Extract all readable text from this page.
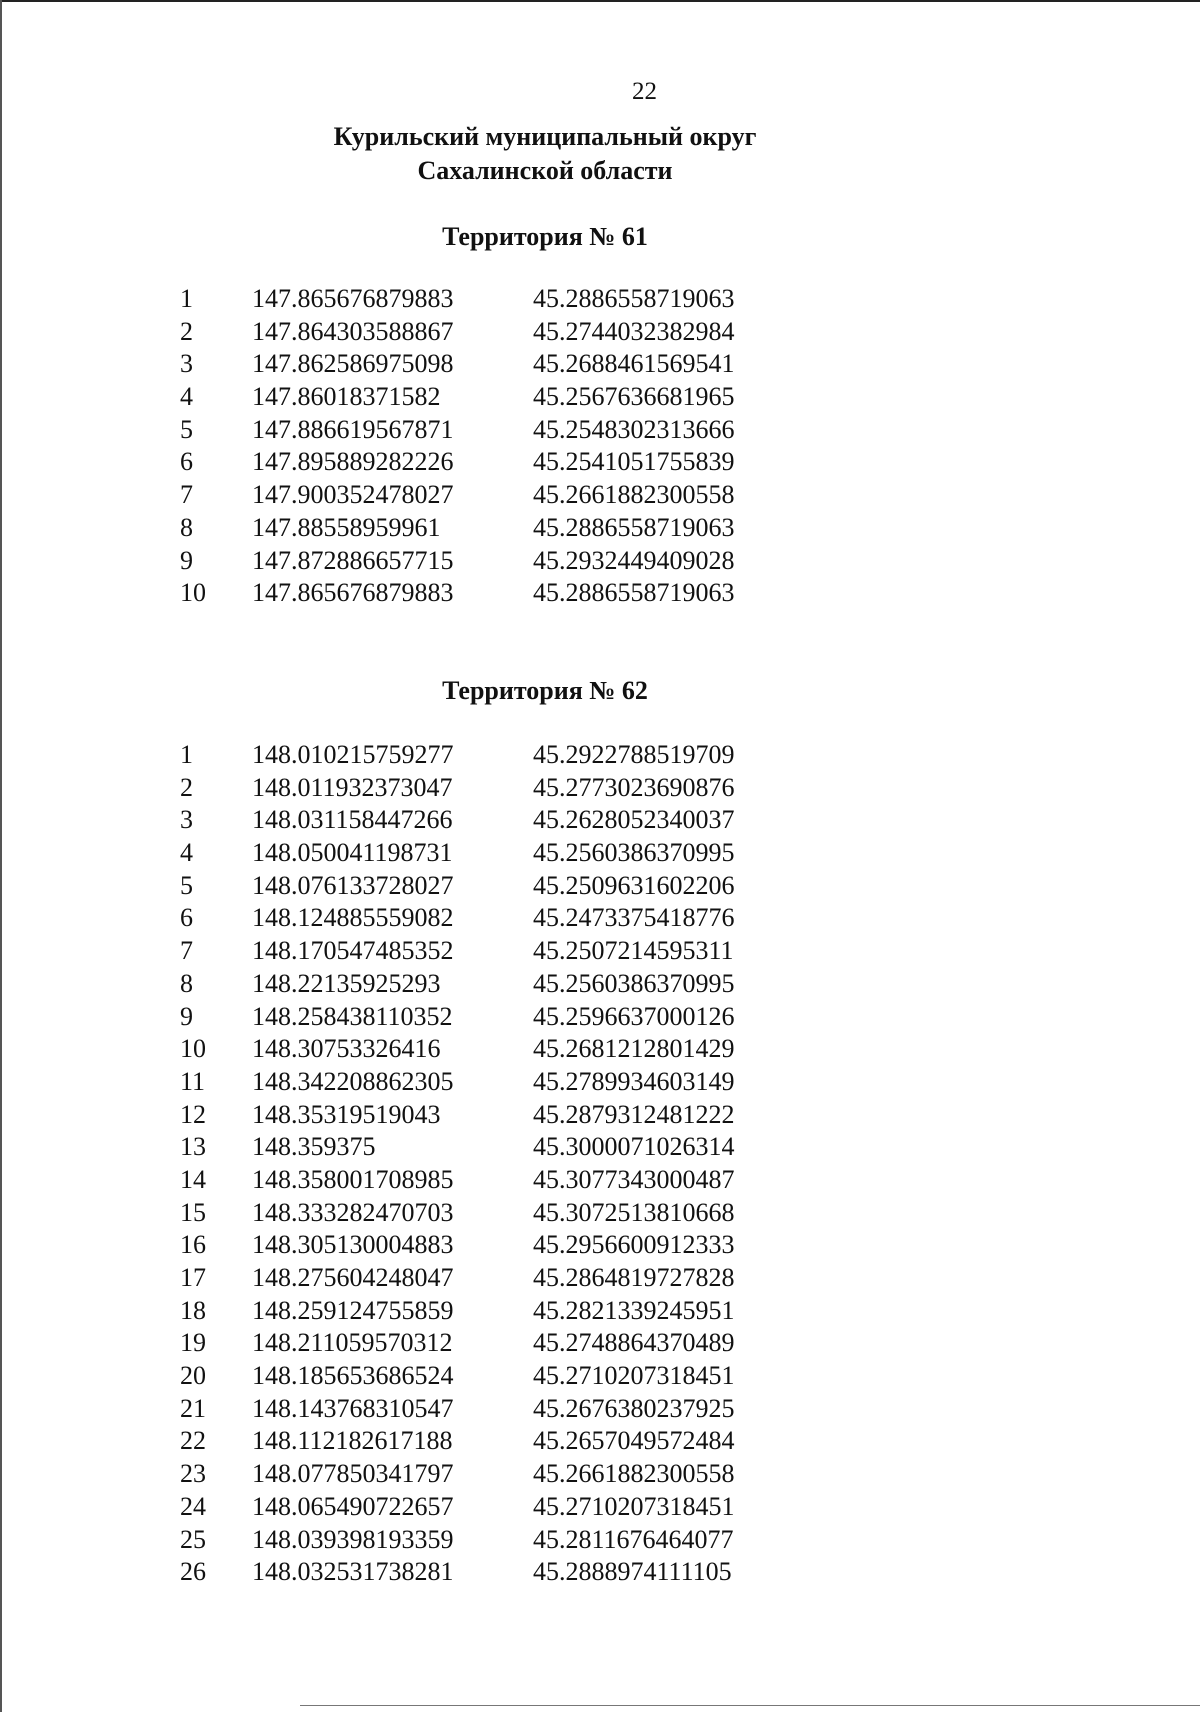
22
Курильский муниципальный округ
Сахалинской области
Территория № 61
1 147.865676879883	45.2886558719063
2 147.864303588867	45.2744032382984
3 147.862586975098	45.2688461569541
4 147.86018371582	45.2567636681965
5 147.886619567871	45.2548302313666
6 147.895889282226	45.2541051755839
7 147.900352478027	45.2661882300558
8 147.88558959961	45.2886558719063
9 147.872886657715	45.2932449409028
10 147.865676879883	45.2886558719063
Территория № 62
1 148.010215759277	45.2922788519709
2 148.011932373047	45.2773023690876
3 148.031158447266	45.2628052340037
4 148.050041198731	45.2560386370995
5 148.076133728027	45.2509631602206
6 148.124885559082	45.2473375418776
7 148.170547485352	45.2507214595311
8 148.22135925293	45.2560386370995
9 148.258438110352	45.2596637000126
10 148.30753326416	45.2681212801429
11 148.342208862305	45.2789934603149
12 148.35319519043	45.2879312481222
13 148.359375	45.3000071026314
14 148.358001708985	45.3077343000487
15 148.333282470703	45.3072513810668
16 148.305130004883	45.2956600912333
17 148.275604248047	45.2864819727828
18 148.259124755859	45.2821339245951
19 148.211059570312	45.2748864370489
20 148.185653686524	45.2710207318451
21 148.143768310547	45.2676380237925
22 148.112182617188	45.2657049572484
23 148.077850341797	45.2661882300558
24 148.065490722657	45.2710207318451
25 148.039398193359	45.2811676464077
26 148.032531738281	45.2888974111105
